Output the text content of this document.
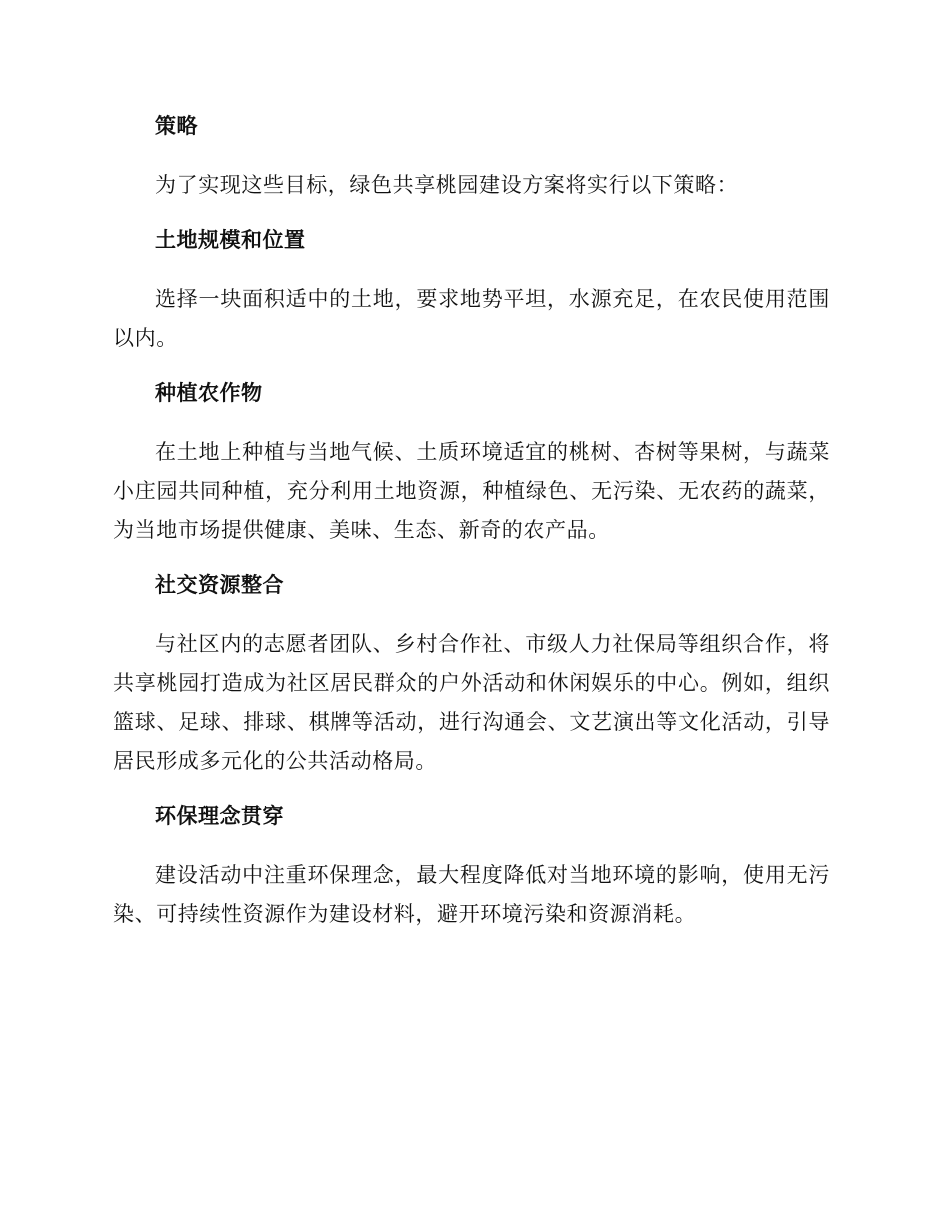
策略

为了实现这些目标，绿色共享桃园建设方案将实行以下策略：

土地规模和位置

选择一块面积适中的土地，要求地势平坦，水源充足，在农民使用范围以内。

种植农作物

在土地上种植与当地气候、土质环境适宜的桃树、杏树等果树，与蔬菜小庄园共同种植，充分利用土地资源，种植绿色、无污染、无农药的蔬菜，为当地市场提供健康、美味、生态、新奇的农产品。

社交资源整合

与社区内的志愿者团队、乡村合作社、市级人力社保局等组织合作，将共享桃园打造成为社区居民群众的户外活动和休闲娱乐的中心。例如，组织篮球、足球、排球、棋牌等活动，进行沟通会、文艺演出等文化活动，引导居民形成多元化的公共活动格局。

环保理念贯穿

建设活动中注重环保理念，最大程度降低对当地环境的影响，使用无污染、可持续性资源作为建设材料，避开环境污染和资源消耗。
